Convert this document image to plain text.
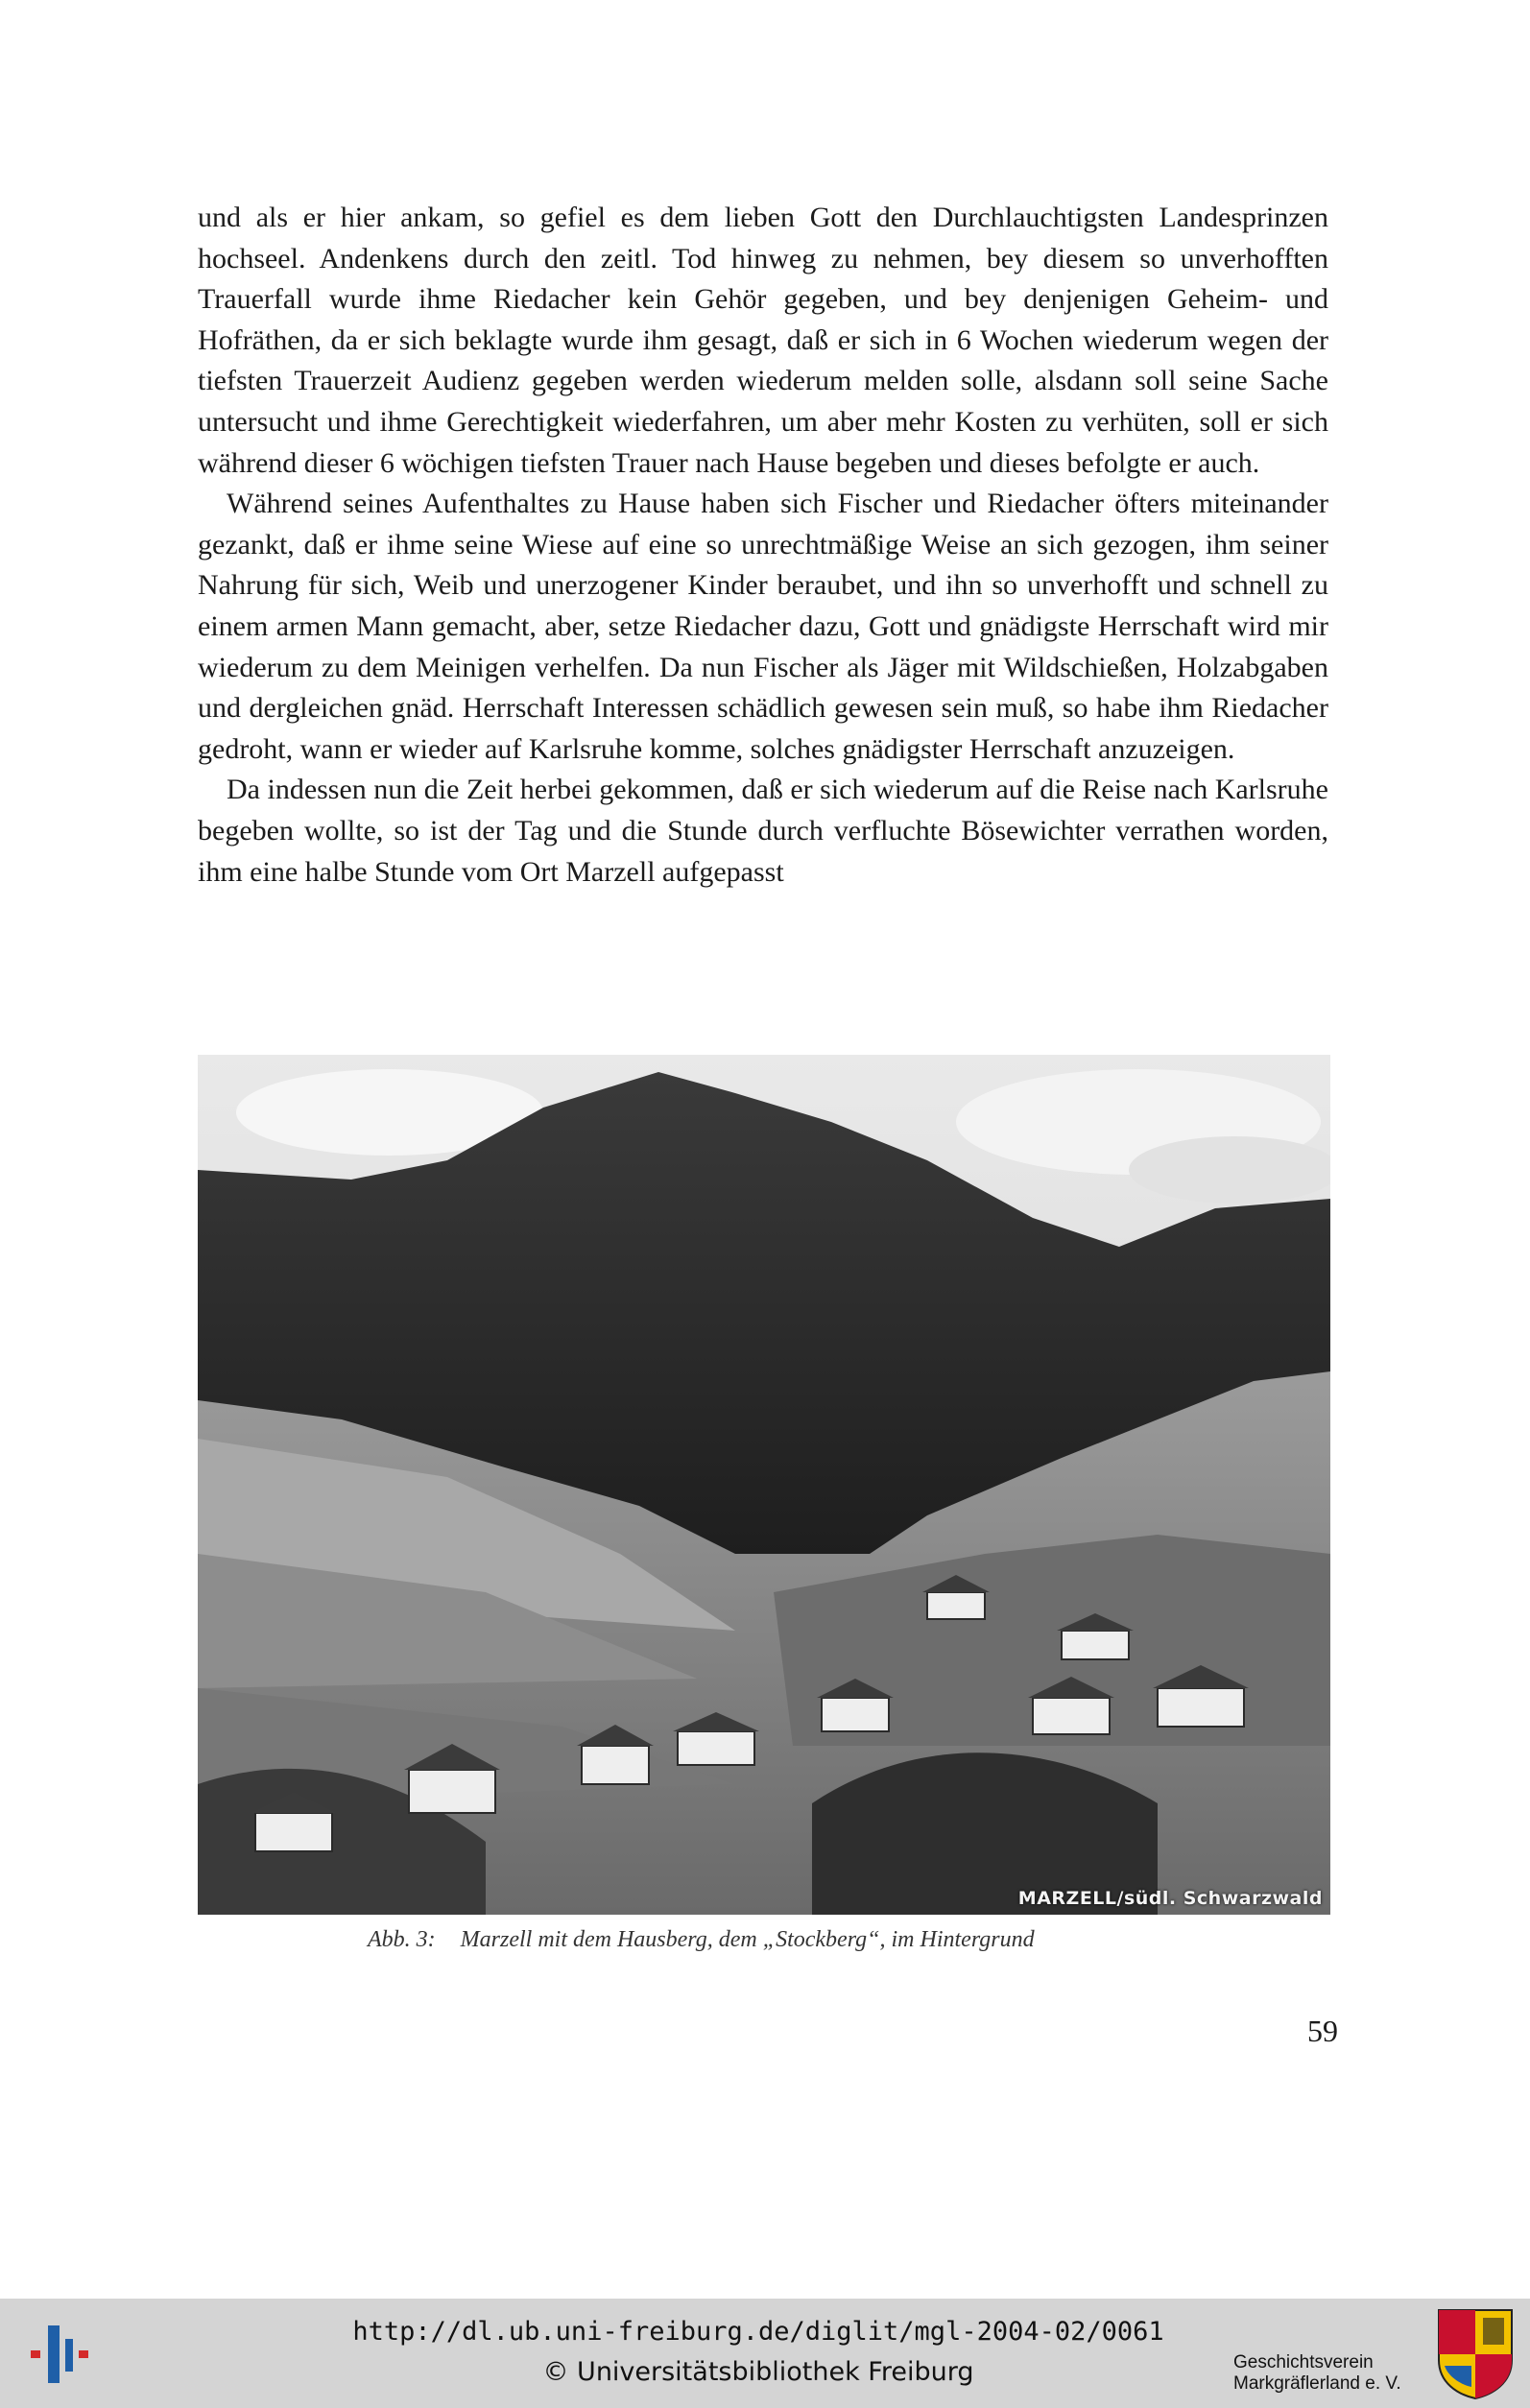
und als er hier ankam, so gefiel es dem lieben Gott den Durchlauchtigsten Landesprinzen hochseel. Andenkens durch den zeitl. Tod hinweg zu nehmen, bey diesem so unverhofften Trauerfall wurde ihme Riedacher kein Gehör gegeben, und bey denjenigen Geheim- und Hofräthen, da er sich beklagte wurde ihm gesagt, daß er sich in 6 Wochen wiederum wegen der tiefsten Trauerzeit Audienz gegeben werden wiederum melden solle, alsdann soll seine Sache untersucht und ihme Gerechtigkeit wiederfahren, um aber mehr Kosten zu verhüten, soll er sich während dieser 6 wöchigen tiefsten Trauer nach Hause begeben und dieses befolgte er auch.

Während seines Aufenthaltes zu Hause haben sich Fischer und Riedacher öfters miteinander gezankt, daß er ihme seine Wiese auf eine so unrechtmäßige Weise an sich gezogen, ihm seiner Nahrung für sich, Weib und unerzogener Kinder beraubet, und ihn so unverhofft und schnell zu einem armen Mann gemacht, aber, setze Riedacher dazu, Gott und gnädigste Herrschaft wird mir wiederum zu dem Meinigen verhelfen. Da nun Fischer als Jäger mit Wildschießen, Holzabgaben und dergleichen gnäd. Herrschaft Interessen schädlich gewesen sein muß, so habe ihm Riedacher gedroht, wann er wieder auf Karlsruhe komme, solches gnädigster Herrschaft anzuzeigen.

Da indessen nun die Zeit herbei gekommen, daß er sich wiederum auf die Reise nach Karlsruhe begeben wollte, so ist der Tag und die Stunde durch verfluchte Bösewichter verrathen worden, ihm eine halbe Stunde vom Ort Marzell aufgepasst

MARZELL/südl. Schwarzwald
Abb. 3: Marzell mit dem Hausberg, dem „Stockberg“, im Hintergrund
59
http://dl.ub.uni-freiburg.de/diglit/mgl-2004-02/0061
© Universitätsbibliothek Freiburg	Geschichtsverein
Markgräflerland e. V.
